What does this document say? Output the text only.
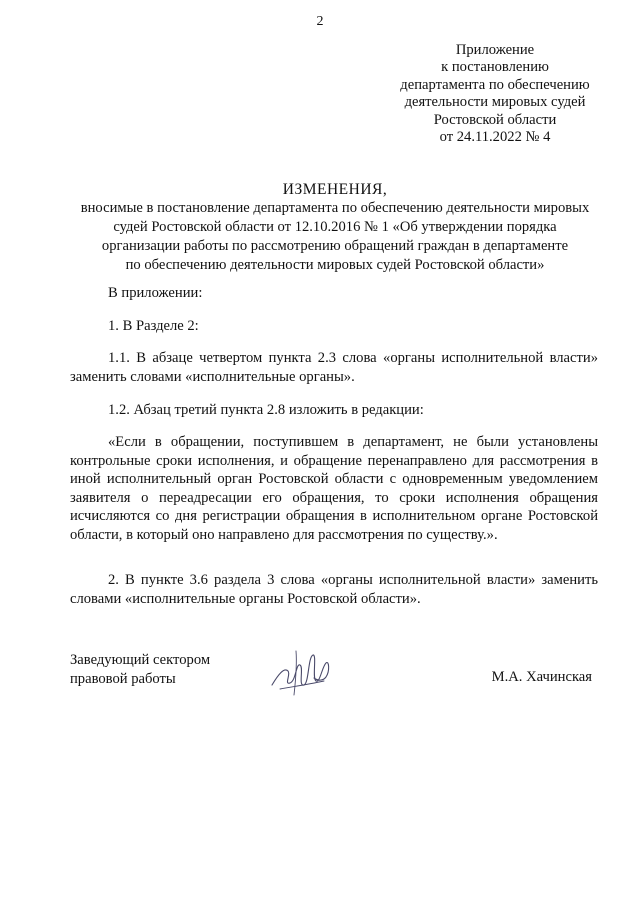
2
Приложение
к постановлению
департамента по обеспечению
деятельности мировых судей
Ростовской области
от 24.11.2022 № 4
ИЗМЕНЕНИЯ,
вносимые в постановление департамента по обеспечению деятельности мировых
судей Ростовской области от 12.10.2016 № 1 «Об утверждении порядка
организации работы по рассмотрению обращений граждан в департаменте
по обеспечению деятельности мировых судей Ростовской области»

В приложении:

1. В Разделе 2:

1.1. В абзаце четвертом пункта 2.3 слова «органы исполнительной власти» заменить словами «исполнительные органы».

1.2. Абзац третий пункта 2.8 изложить в редакции:

«Если в обращении, поступившем в департамент, не были установлены контрольные сроки исполнения, и обращение перенаправлено для рассмотрения в иной исполнительный орган Ростовской области с одновременным уведомлением заявителя о переадресации его обращения, то сроки исполнения обращения исчисляются со дня регистрации обращения в исполнительном органе Ростовской области, в который оно направлено для рассмотрения по существу.».

2. В пункте 3.6 раздела 3 слова «органы исполнительной власти» заменить словами «исполнительные органы Ростовской области».

Заведующий сектором
правовой работы	М.А. Хачинская
